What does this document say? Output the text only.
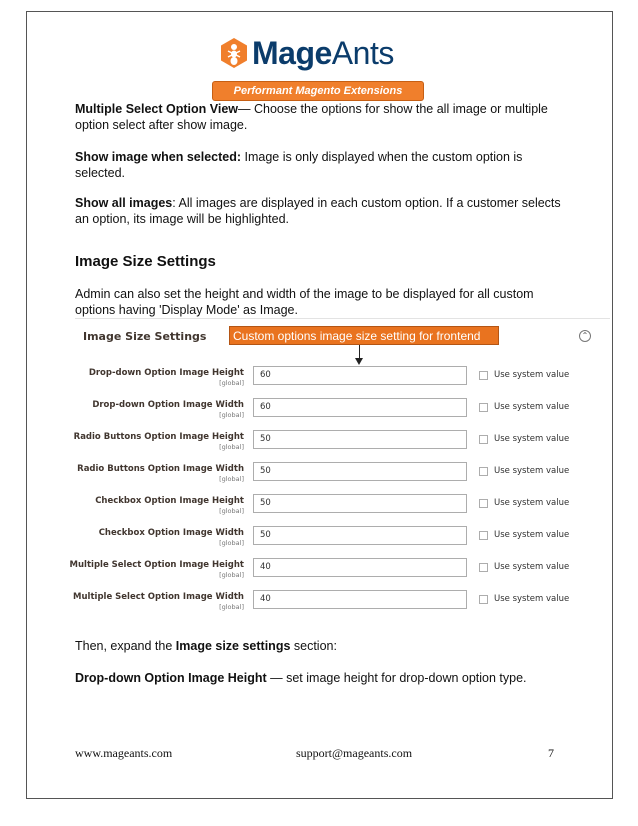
MageAnts
Performant Magento Extensions
Multiple Select Option View— Choose the options for show the all image or multiple option select after show image.
Show image when selected: Image is only displayed when the custom option is selected.
Show all images: All images are displayed in each custom option. If a customer selects an option, its image will be highlighted.
Image Size Settings
Admin can also set the height and width of the image to be displayed for all custom options having 'Display Mode' as Image.
Image Size Settings	Custom options image size setting for frontend	⌃
Drop-down Option Image Height
[global]
60	Use system value
Drop-down Option Image Width
[global]
60	Use system value
Radio Buttons Option Image Height
[global]
50	Use system value
Radio Buttons Option Image Width
[global]
50	Use system value
Checkbox Option Image Height
[global]
50	Use system value
Checkbox Option Image Width
[global]
50	Use system value
Multiple Select Option Image Height
[global]
40	Use system value
Multiple Select Option Image Width
[global]
40	Use system value
Then, expand the Image size settings section:
Drop-down Option Image Height — set image height for drop-down option type.
www.mageants.com	support@mageants.com	7
